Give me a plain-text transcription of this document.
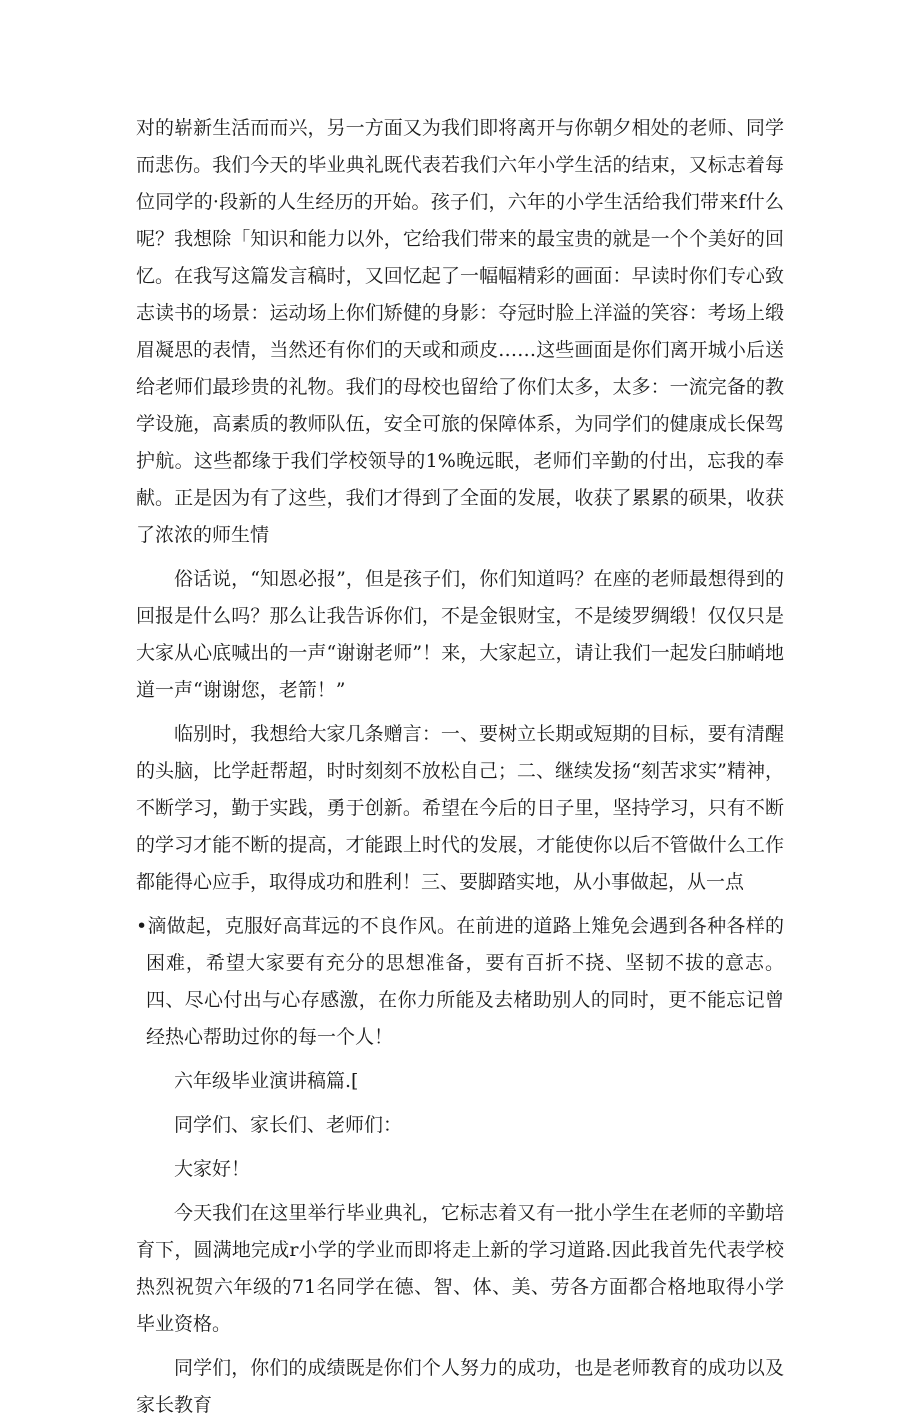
对的崭新生活而而兴，另一方面又为我们即将离开与你朝夕相处的老师、同学而悲伤。我们今天的毕业典礼既代表若我们六年小学生活的结束，又标志着每位同学的·段新的人生经历的开始。孩子们，六年的小学生活给我们带来f什么呢？我想除「知识和能力以外，它给我们带来的最宝贵的就是一个个美好的回忆。在我写这篇发言稿时，又回忆起了一幅幅精彩的画面：早读时你们专心致志读书的场景：运动场上你们矫健的身影：夺冠时脸上洋溢的笑容：考场上缎眉凝思的表情，当然还有你们的天或和顽皮……这些画面是你们离开城小后送给老师们最珍贵的礼物。我们的母校也留给了你们太多，太多：一流完备的教学设施，高素质的教师队伍，安全可旅的保障体系，为同学们的健康成长保驾护航。这些都缘于我们学校领导的1%晚远眠，老师们辛勤的付出，忘我的奉献。正是因为有了这些，我们才得到了全面的发展，收获了累累的硕果，收获了浓浓的师生情

俗话说，“知恩必报”，但是孩子们，你们知道吗？在座的老师最想得到的回报是什么吗？那么让我告诉你们，不是金银财宝，不是绫罗绸缎！仅仅只是大家从心底喊出的一声“谢谢老师”！来，大家起立，请让我们一起发臼肺峭地道一声“谢谢您，老箭！”

临别时，我想给大家几条赠言：一、要树立长期或短期的目标，要有清醒的头脑，比学赶帮超，时时刻刻不放松自己；二、继续发扬“刻苦求实”精神，不断学习，勤于实践，勇于创新。希望在今后的日子里，坚持学习，只有不断的学习才能不断的提高，才能跟上时代的发展，才能使你以后不管做什么工作都能得心应手，取得成功和胜利！三、要脚踏实地，从小事做起，从一点

•滴做起，克服好高茸远的不良作风。在前进的道路上雉免会遇到各种各样的困难，希望大家要有充分的思想准备，要有百折不挠、坚韧不拔的意志。四、尽心付出与心存感激，在你力所能及去楮助别人的同时，更不能忘记曾经热心帮助过你的每一个人！

六年级毕业演讲稿篇.[

同学们、家长们、老师们：

大家好！

今天我们在这里举行毕业典礼，它标志着又有一批小学生在老师的辛勤培育下，圆满地完成r小学的学业而即将走上新的学习道路.因此我首先代表学校热烈祝贺六年级的71名同学在德、智、体、美、劳各方面都合格地取得小学毕业资格。

同学们，你们的成绩既是你们个人努力的成功，也是老师教育的成功以及家长教育
